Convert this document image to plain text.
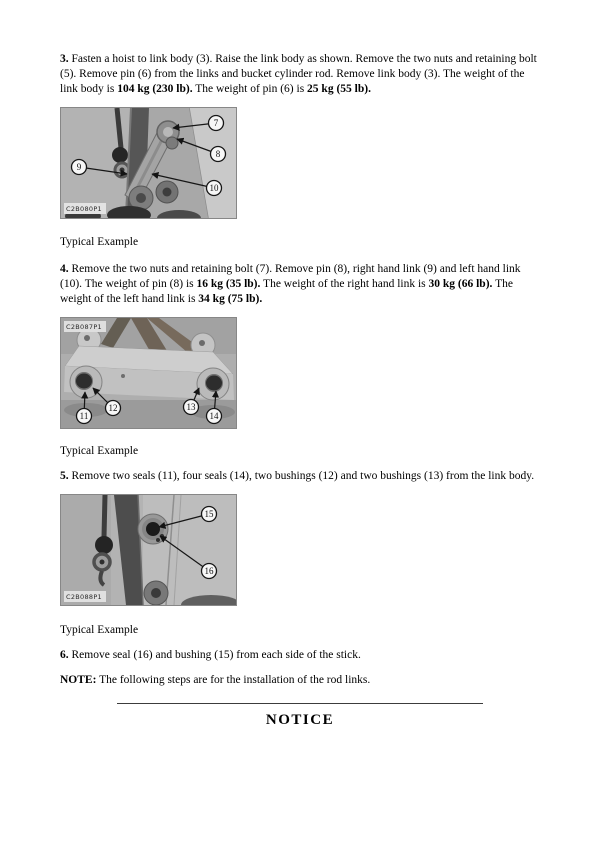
3. Fasten a hoist to link body (3). Raise the link body as shown. Remove the two nuts and retaining bolt (5). Remove pin (6) from the links and bucket cylinder rod. Remove link body (3). The weight of the link body is 104 kg (230 lb). The weight of pin (6) is 25 kg (55 lb).

7
8
9
10
C2B080P1

Typical Example

4. Remove the two nuts and retaining bolt (7). Remove pin (8), right hand link (9) and left hand link (10). The weight of pin (8) is 16 kg (35 lb). The weight of the right hand link is 30 kg (66 lb). The weight of the left hand link is 34 kg (75 lb).

11
12	13
14
C2B087P1

Typical Example

5. Remove two seals (11), four seals (14), two bushings (12) and two bushings (13) from the link body.

15
16
C2B088P1

Typical Example

6. Remove seal (16) and bushing (15) from each side of the stick.

NOTE: The following steps are for the installation of the rod links.

NOTICE
